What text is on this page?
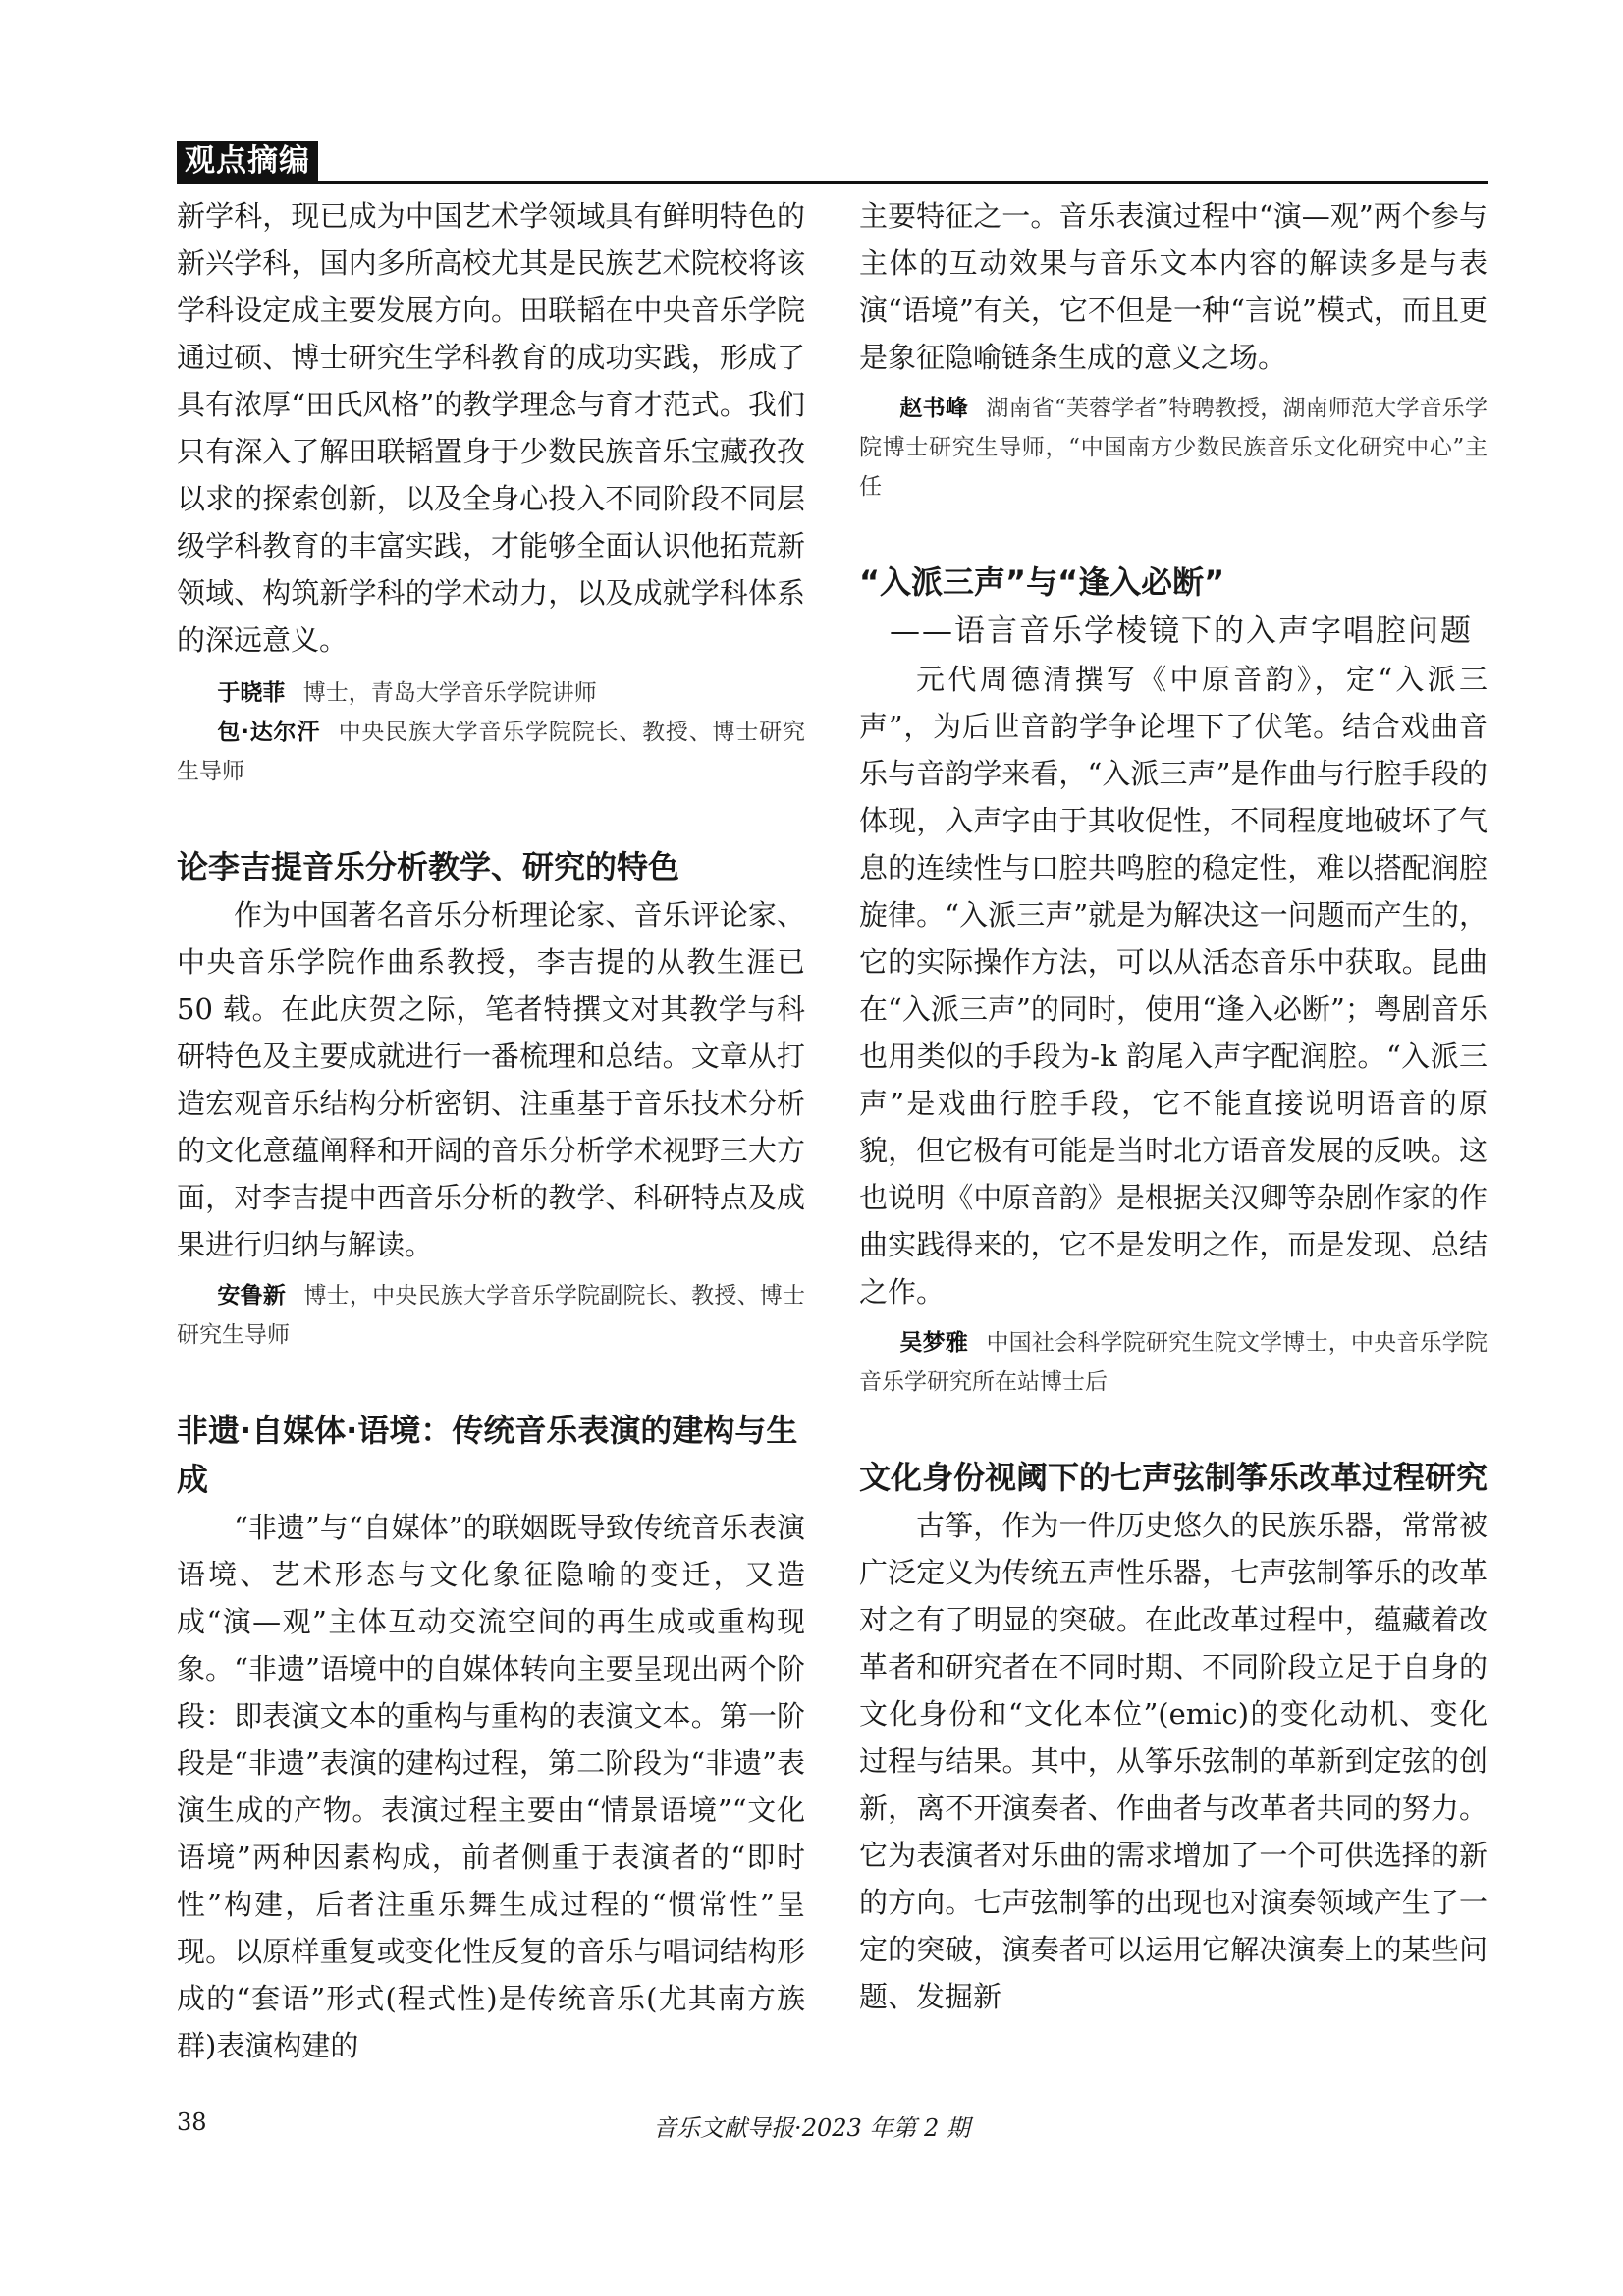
观点摘编

新学科，现已成为中国艺术学领域具有鲜明特色的新兴学科，国内多所高校尤其是民族艺术院校将该学科设定成主要发展方向。田联韬在中央音乐学院通过硕、博士研究生学科教育的成功实践，形成了具有浓厚“田氏风格”的教学理念与育才范式。我们只有深入了解田联韬置身于少数民族音乐宝藏孜孜以求的探索创新，以及全身心投入不同阶段不同层级学科教育的丰富实践，才能够全面认识他拓荒新领域、构筑新学科的学术动力，以及成就学科体系的深远意义。

于晓菲 博士，青岛大学音乐学院讲师

包·达尔汗 中央民族大学音乐学院院长、教授、博士研究生导师

论李吉提音乐分析教学、研究的特色

作为中国著名音乐分析理论家、音乐评论家、中央音乐学院作曲系教授，李吉提的从教生涯已 50 载。在此庆贺之际，笔者特撰文对其教学与科研特色及主要成就进行一番梳理和总结。文章从打造宏观音乐结构分析密钥、注重基于音乐技术分析的文化意蕴阐释和开阔的音乐分析学术视野三大方面，对李吉提中西音乐分析的教学、科研特点及成果进行归纳与解读。

安鲁新 博士，中央民族大学音乐学院副院长、教授、博士研究生导师

非遗·自媒体·语境：传统音乐表演的建构与生成

“非遗”与“自媒体”的联姻既导致传统音乐表演语境、艺术形态与文化象征隐喻的变迁，又造成“演—观”主体互动交流空间的再生成或重构现象。“非遗”语境中的自媒体转向主要呈现出两个阶段：即表演文本的重构与重构的表演文本。第一阶段是“非遗”表演的建构过程，第二阶段为“非遗”表演生成的产物。表演过程主要由“情景语境”“文化语境”两种因素构成，前者侧重于表演者的“即时性”构建，后者注重乐舞生成过程的“惯常性”呈现。以原样重复或变化性反复的音乐与唱词结构形成的“套语”形式(程式性)是传统音乐(尤其南方族群)表演构建的

主要特征之一。音乐表演过程中“演—观”两个参与主体的互动效果与音乐文本内容的解读多是与表演“语境”有关，它不但是一种“言说”模式，而且更是象征隐喻链条生成的意义之场。

赵书峰 湖南省“芙蓉学者”特聘教授，湖南师范大学音乐学院博士研究生导师，“中国南方少数民族音乐文化研究中心”主任

“入派三声”与“逢入必断”

——语言音乐学棱镜下的入声字唱腔问题

元代周德清撰写《中原音韵》，定“入派三声”，为后世音韵学争论埋下了伏笔。结合戏曲音乐与音韵学来看，“入派三声”是作曲与行腔手段的体现，入声字由于其收促性，不同程度地破坏了气息的连续性与口腔共鸣腔的稳定性，难以搭配润腔旋律。“入派三声”就是为解决这一问题而产生的，它的实际操作方法，可以从活态音乐中获取。昆曲在“入派三声”的同时，使用“逢入必断”；粤剧音乐也用类似的手段为-k 韵尾入声字配润腔。“入派三声”是戏曲行腔手段，它不能直接说明语音的原貌，但它极有可能是当时北方语音发展的反映。这也说明《中原音韵》是根据关汉卿等杂剧作家的作曲实践得来的，它不是发明之作，而是发现、总结之作。

吴梦雅 中国社会科学院研究生院文学博士，中央音乐学院音乐学研究所在站博士后

文化身份视阈下的七声弦制筝乐改革过程研究

古筝，作为一件历史悠久的民族乐器，常常被广泛定义为传统五声性乐器，七声弦制筝乐的改革对之有了明显的突破。在此改革过程中，蕴藏着改革者和研究者在不同时期、不同阶段立足于自身的文化身份和“文化本位”(emic)的变化动机、变化过程与结果。其中，从筝乐弦制的革新到定弦的创新，离不开演奏者、作曲者与改革者共同的努力。它为表演者对乐曲的需求增加了一个可供选择的新的方向。七声弦制筝的出现也对演奏领域产生了一定的突破，演奏者可以运用它解决演奏上的某些问题、发掘新

38	音乐文献导报·2023 年第 2 期
